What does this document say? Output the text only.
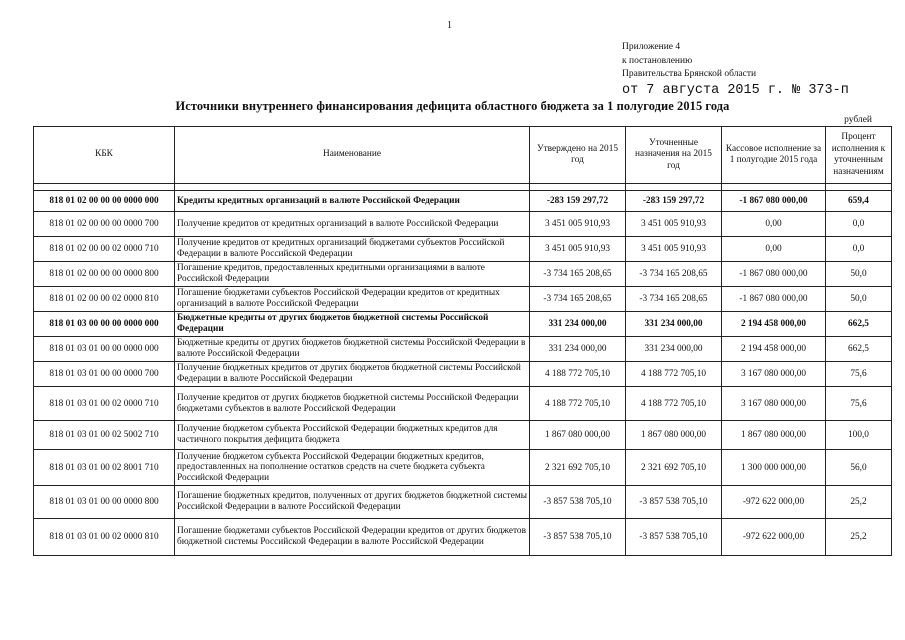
1
Приложение 4
к постановлению
Правительства Брянской области
от 7 августа 2015 г. № 373-п
Источники внутреннего финансирования дефицита областного бюджета за 1 полугодие 2015 года
рублей
КБК	Наименование	Утверждено на 2015 год	Уточненные назначения на 2015 год	Кассовое исполнение за 1 полугодие 2015 года	Процент исполнения к уточненным назначениям

818 01 02 00 00 00 0000 000	Кредиты кредитных организаций в валюте Российской Федерации	-283 159 297,72	-283 159 297,72	-1 867 080 000,00	659,4
818 01 02 00 00 00 0000 700	Получение кредитов от кредитных организаций в валюте Российской Федерации	3 451 005 910,93	3 451 005 910,93	0,00	0,0
818 01 02 00 00 02 0000 710	Получение кредитов от кредитных организаций бюджетами субъектов Российской Федерации в валюте Российской Федерации	3 451 005 910,93	3 451 005 910,93	0,00	0,0
818 01 02 00 00 00 0000 800	Погашение кредитов, предоставленных кредитными организациями в валюте Российской Федерации	-3 734 165 208,65	-3 734 165 208,65	-1 867 080 000,00	50,0
818 01 02 00 00 02 0000 810	Погашение бюджетами субъектов Российской Федерации кредитов от кредитных организаций в валюте Российской Федерации	-3 734 165 208,65	-3 734 165 208,65	-1 867 080 000,00	50,0
818 01 03 00 00 00 0000 000	Бюджетные кредиты от других бюджетов бюджетной системы Российской Федерации	331 234 000,00	331 234 000,00	2 194 458 000,00	662,5
818 01 03 01 00 00 0000 000	Бюджетные кредиты от других бюджетов бюджетной системы Российской Федерации в валюте Российской Федерации	331 234 000,00	331 234 000,00	2 194 458 000,00	662,5
818 01 03 01 00 00 0000 700	Получение бюджетных кредитов от других бюджетов бюджетной системы Российской Федерации в валюте Российской Федерации	4 188 772 705,10	4 188 772 705,10	3 167 080 000,00	75,6
818 01 03 01 00 02 0000 710	Получение кредитов от других бюджетов бюджетной системы Российской Федерации бюджетами субъектов в валюте Российской Федерации	4 188 772 705,10	4 188 772 705,10	3 167 080 000,00	75,6
818 01 03 01 00 02 5002 710	Получение бюджетом субъекта Российской Федерации бюджетных кредитов для частичного покрытия дефицита бюджета	1 867 080 000,00	1 867 080 000,00	1 867 080 000,00	100,0
818 01 03 01 00 02 8001 710	Получение бюджетом субъекта Российской Федерации бюджетных кредитов, предоставленных на пополнение остатков средств на счете бюджета субъекта Российской Федерации	2 321 692 705,10	2 321 692 705,10	1 300 000 000,00	56,0
818 01 03 01 00 00 0000 800	Погашение бюджетных кредитов, полученных от других бюджетов бюджетной системы Российской Федерации в валюте Российской Федерации	-3 857 538 705,10	-3 857 538 705,10	-972 622 000,00	25,2
818 01 03 01 00 02 0000 810	Погашение бюджетами субъектов Российской Федерации кредитов от других бюджетов бюджетной системы Российской Федерации в валюте Российской Федерации	-3 857 538 705,10	-3 857 538 705,10	-972 622 000,00	25,2
